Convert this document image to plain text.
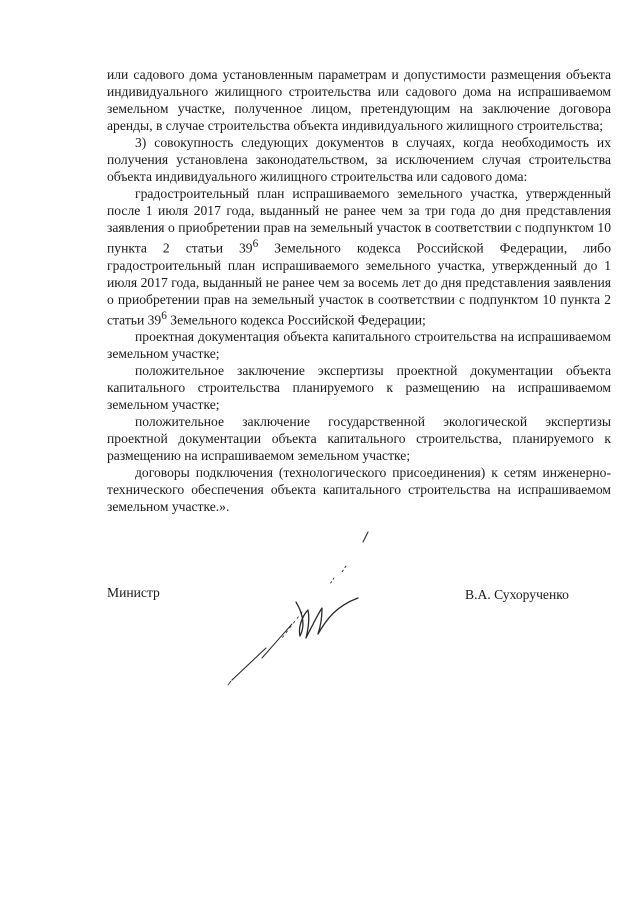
или садового дома установленным параметрам и допустимости размещения объекта индивидуального жилищного строительства или садового дома на испрашиваемом земельном участке, полученное лицом, претендующим на заключение договора аренды, в случае строительства объекта индивидуального жилищного строительства;

3) совокупность следующих документов в случаях, когда необходимость их получения установлена законодательством, за исключением случая строительства объекта индивидуального жилищного строительства или садового дома:

градостроительный план испрашиваемого земельного участка, утвержденный после 1 июля 2017 года, выданный не ранее чем за три года до дня представления заявления о приобретении прав на земельный участок в соответствии с подпунктом 10 пункта 2 статьи $39^6$ Земельного кодекса Российской Федерации, либо градостроительный план испрашиваемого земельного участка, утвержденный до 1 июля 2017 года, выданный не ранее чем за восемь лет до дня представления заявления о приобретении прав на земельный участок в соответствии с подпунктом 10 пункта 2 статьи $39^6$ Земельного кодекса Российской Федерации;

проектная документация объекта капитального строительства на испрашиваемом земельном участке;

положительное заключение экспертизы проектной документации объекта капитального строительства планируемого к размещению на испрашиваемом земельном участке;

положительное заключение государственной экологической экспертизы проектной документации объекта капитального строительства, планируемого к размещению на испрашиваемом земельном участке;

договоры подключения (технологического присоединения) к сетям инженерно-технического обеспечения объекта капитального строительства на испрашиваемом земельном участке.».

Министр	В.А. Сухорученко
